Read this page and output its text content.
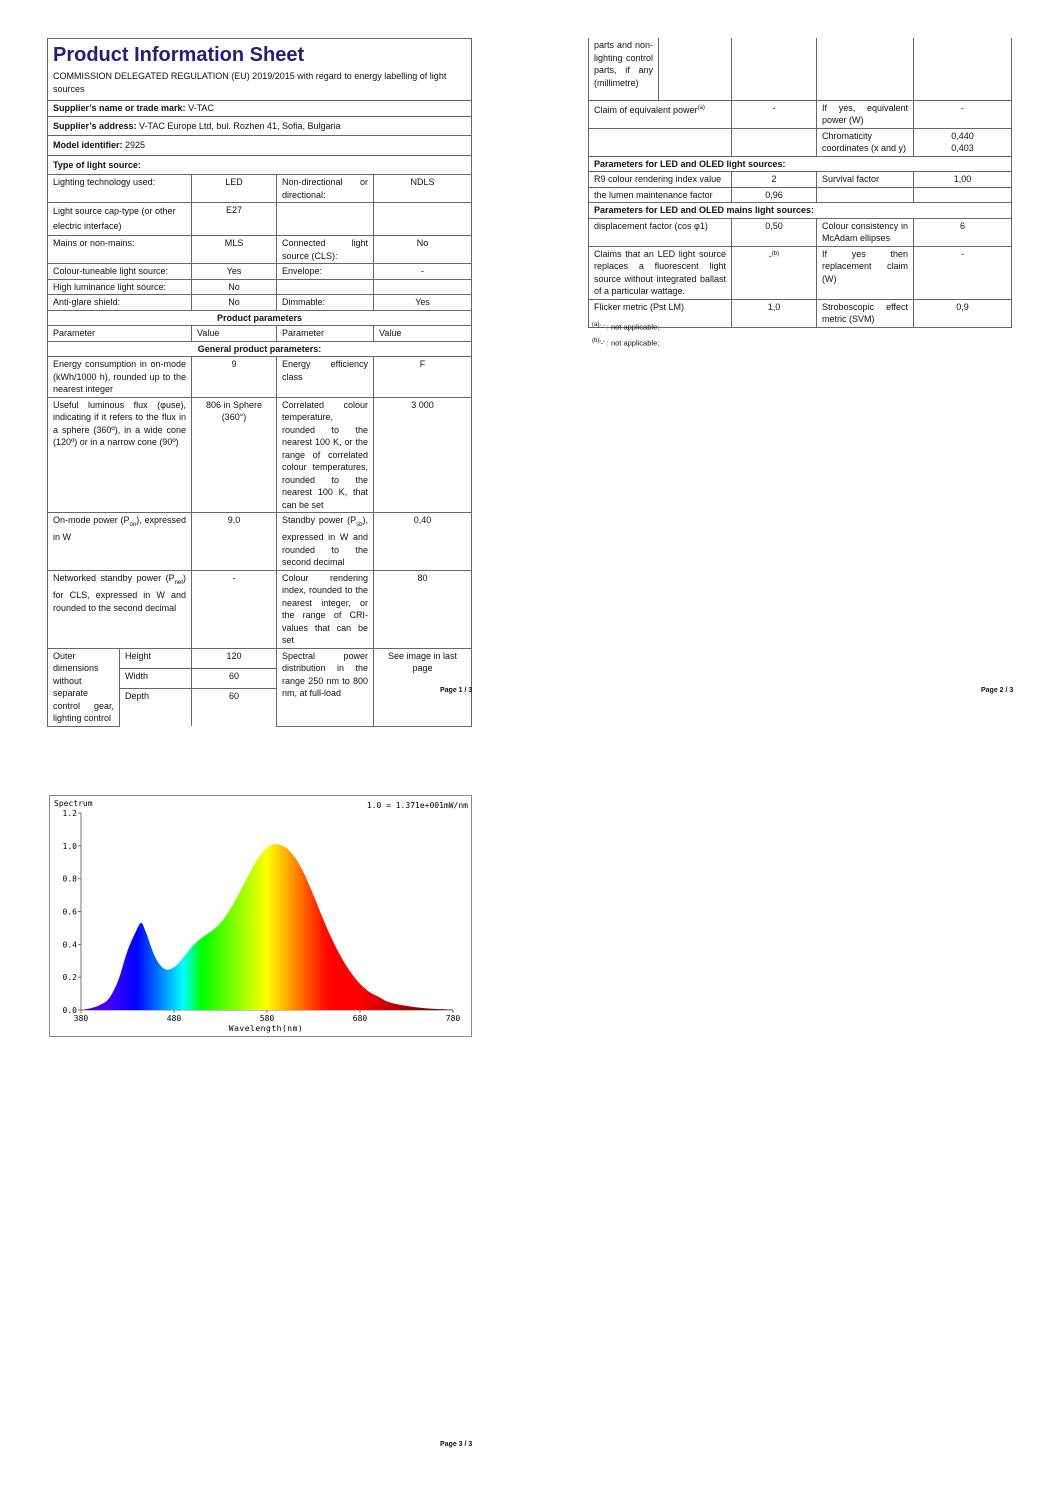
Product Information Sheet
COMMISSION DELEGATED REGULATION (EU) 2019/2015 with regard to energy labelling of light sources				

Supplier’s name or trade mark: V-TAC				
Supplier’s address: V-TAC Europe Ltd, bul. Rozhen 41, Sofia, Bulgaria				
Model identifier: 2925				
Type of light source:				
Lighting technology used:		LED	Non-directional or directional:	NDLS
Light source cap-type (or other electric interface)		E27		
Mains or non-mains:		MLS	Connected light source (CLS):	No
Colour-tuneable light source:		Yes	Envelope:	-
High luminance light source:		No		
Anti-glare shield:		No	Dimmable:	Yes
Product parameters				
Parameter		Value	Parameter	Value
General product parameters:				
Energy consumption in on-mode (kWh/1000 h), rounded up to the nearest integer		9	Energy efficiency class	F
Useful luminous flux (φuse), indicating if it refers to the flux in a sphere (360º), in a wide cone (120º) or in a narrow cone (90º)		806 in Sphere (360°)	Correlated colour temperature, rounded to the nearest 100 K, or the range of correlated colour temperatures, rounded to the nearest 100 K, that can be set	3 000
On-mode power $(P_{on})$, expressed in W		9,0	Standby power $(P_{sb})$, expressed in W and rounded to the second decimal	0,40
Networked standby power $(P_{net})$ for CLS, expressed in W and rounded to the second decimal		-	Colour rendering index, rounded to the nearest integer, or the range of CRI-values that can be set	80
Outer dimensions without separate control gear, lighting control	Height	120	Spectral power distribution in the range 250 nm to 800 nm, at full-load	See image in last page
	Width	60		
	Depth	60		
Page 1 / 3
parts and non-lighting control parts, if any (millimetre)				
Claim of equivalent power$^{(a)}$		-	If yes, equivalent power (W)	-
			Chromaticity coordinates (x and y)	0,440
0,403
Parameters for LED and OLED light sources:				
R9 colour rendering index value		2	Survival factor	1,00
the lumen maintenance factor		0,96		
Parameters for LED and OLED mains light sources:				
displacement factor (cos φ1)		0,50	Colour consistency in McAdam ellipses	6
Claims that an LED light source replaces a fluorescent light source without integrated ballast of a particular wattage.		-$^{(b)}$	If yes then replacement claim (W)	-
Flicker metric (Pst LM)		1,0	Stroboscopic effect metric (SVM)	0,9
$^{(a)}$'-' : not applicable;
$^{(b)}$'-' : not applicable;
Page 2 / 3
Spectrum	1.0 = 1.371e+001mW/nm
Wavelength(nm)
0.0
0.2
0.4
0.6
0.8
1.0
1.2
380	480	580	680	780
Page 3 / 3
